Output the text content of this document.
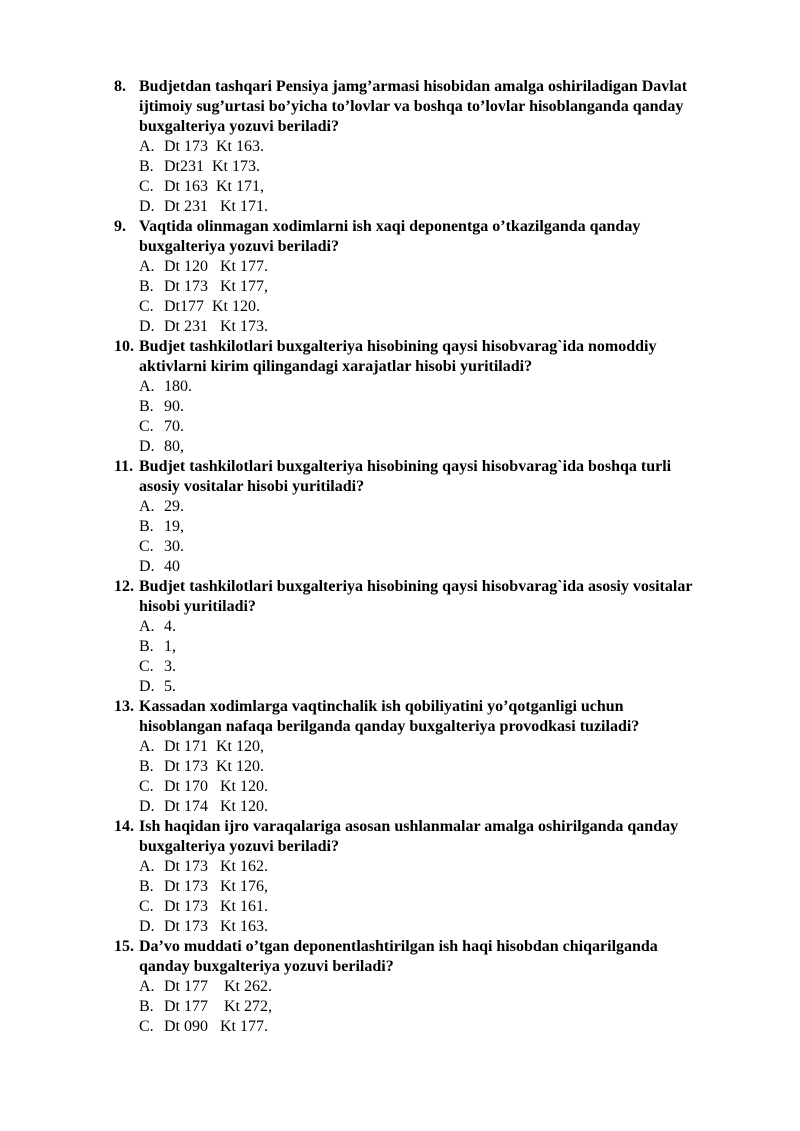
8. Budjetdan tashqari Pensiya jamg’armasi hisobidan amalga oshiriladigan Davlat
ijtimoiy sug’urtasi bo’yicha to’lovlar va boshqa to’lovlar hisoblanganda qanday
buxgalteriya yozuvi beriladi?
A. Dt 173  Kt 163.
B. Dt231  Kt 173.
C. Dt 163  Kt 171,
D. Dt 231   Kt 171.
9. Vaqtida olinmagan xodimlarni ish xaqi deponentga o’tkazilganda qanday
buxgalteriya yozuvi beriladi?
A. Dt 120   Kt 177.
B. Dt 173   Kt 177,
C. Dt177  Kt 120.
D. Dt 231   Kt 173.
10. Budjet tashkilotlari buxgalteriya hisobining qaysi hisobvarag`ida nomoddiy
aktivlarni kirim qilingandagi xarajatlar hisobi yuritiladi?
A. 180.
B. 90.
C. 70.
D. 80,
11. Budjet tashkilotlari buxgalteriya hisobining qaysi hisobvarag`ida boshqa turli
asosiy vositalar hisobi yuritiladi?
A. 29.
B. 19,
C. 30.
D. 40
12. Budjet tashkilotlari buxgalteriya hisobining qaysi hisobvarag`ida asosiy vositalar
hisobi yuritiladi?
A. 4.
B. 1,
C. 3.
D. 5.
13. Kassadan xodimlarga vaqtinchalik ish qobiliyatini yo’qotganligi uchun
hisoblangan nafaqa berilganda qanday buxgalteriya provodkasi tuziladi?
A. Dt 171  Kt 120,
B. Dt 173  Kt 120.
C. Dt 170   Kt 120.
D. Dt 174   Kt 120.
14. Ish haqidan ijro varaqalariga asosan ushlanmalar amalga oshirilganda qanday
buxgalteriya yozuvi beriladi?
A. Dt 173   Kt 162.
B. Dt 173   Kt 176,
C. Dt 173   Kt 161.
D. Dt 173   Kt 163.
15. Da’vo muddati o’tgan deponentlashtirilgan ish haqi hisobdan chiqarilganda
qanday buxgalteriya yozuvi beriladi?
A. Dt 177    Kt 262.
B. Dt 177    Kt 272,
C. Dt 090   Kt 177.
